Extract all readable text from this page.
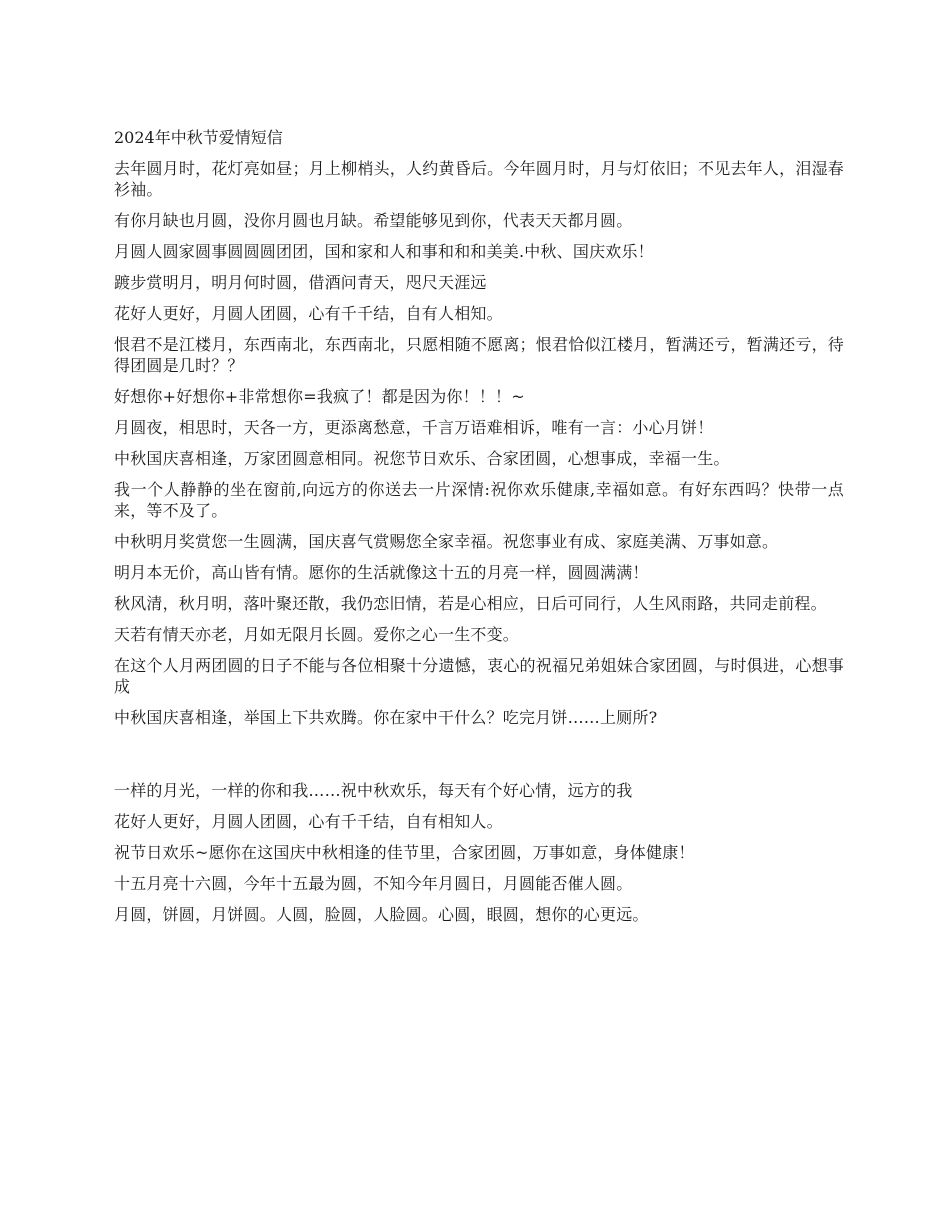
2024年中秋节爱情短信

去年圆月时，花灯亮如昼；月上柳梢头，人约黄昏后。今年圆月时，月与灯依旧；不见去年人，泪湿春衫袖。

有你月缺也月圆，没你月圆也月缺。希望能够见到你，代表天天都月圆。

月圆人圆家圆事圆圆圆团团，国和家和人和事和和和美美.中秋、国庆欢乐！

踱步赏明月，明月何时圆，借酒问青天，咫尺天涯远

花好人更好，月圆人团圆，心有千千结，自有人相知。

恨君不是江楼月，东西南北，东西南北，只愿相随不愿离；恨君恰似江楼月，暂满还亏，暂满还亏，待得团圆是几时？？

好想你+好想你+非常想你=我疯了！都是因为你！！！~

月圆夜，相思时，天各一方，更添离愁意，千言万语难相诉，唯有一言：小心月饼！

中秋国庆喜相逢，万家团圆意相同。祝您节日欢乐、合家团圆，心想事成，幸福一生。

我一个人静静的坐在窗前,向远方的你送去一片深情:祝你欢乐健康,幸福如意。有好东西吗？快带一点来，等不及了。

中秋明月奖赏您一生圆满，国庆喜气赏赐您全家幸福。祝您事业有成、家庭美满、万事如意。

明月本无价，高山皆有情。愿你的生活就像这十五的月亮一样，圆圆满满！

秋风清，秋月明，落叶聚还散，我仍恋旧情，若是心相应，日后可同行，人生风雨路，共同走前程。

天若有情天亦老，月如无限月长圆。爱你之心一生不变。

在这个人月两团圆的日子不能与各位相聚十分遗憾，衷心的祝福兄弟姐妹合家团圆，与时俱进，心想事成

中秋国庆喜相逢，举国上下共欢腾。你在家中干什么？吃完月饼……上厕所?

一样的月光，一样的你和我……祝中秋欢乐，每天有个好心情，远方的我

花好人更好，月圆人团圆，心有千千结，自有相知人。

祝节日欢乐~愿你在这国庆中秋相逢的佳节里，合家团圆，万事如意，身体健康！

十五月亮十六圆，今年十五最为圆，不知今年月圆日，月圆能否催人圆。

月圆，饼圆，月饼圆。人圆，脸圆，人脸圆。心圆，眼圆，想你的心更远。
